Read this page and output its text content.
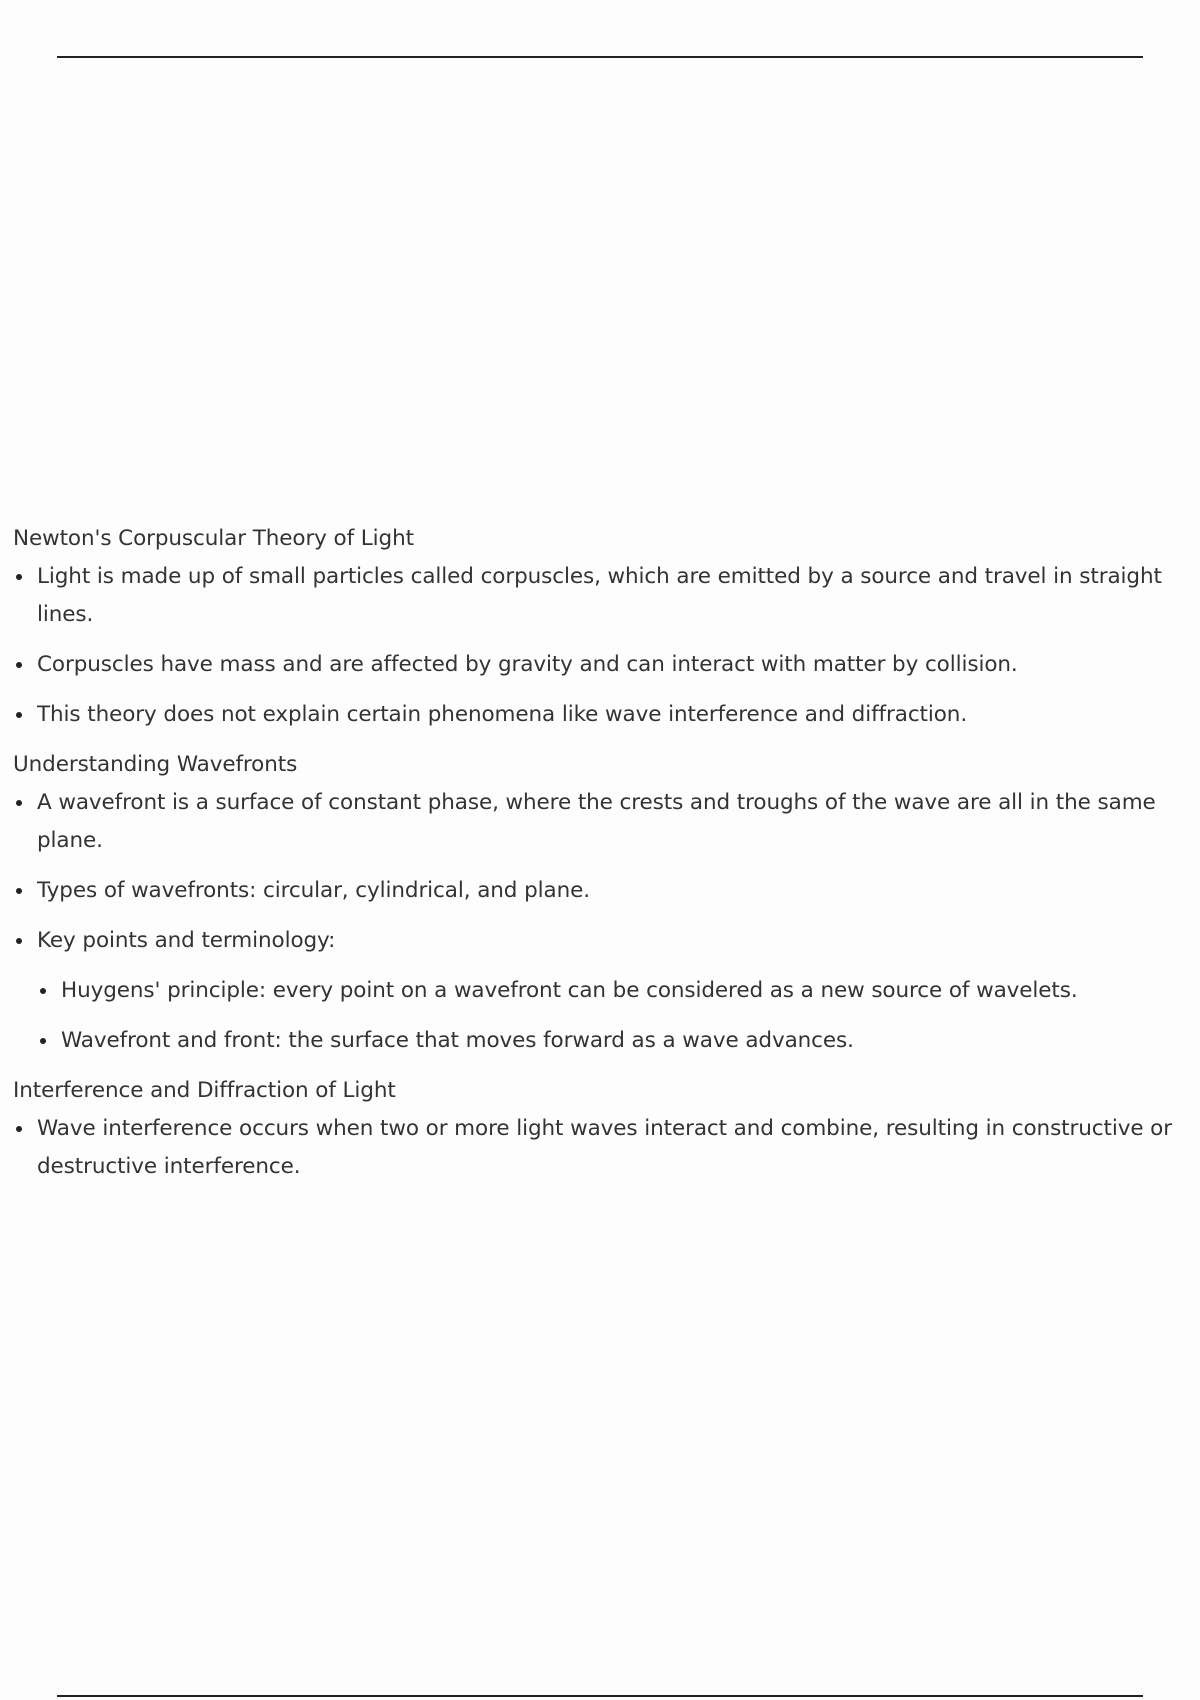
Newton's Corpuscular Theory of Light
Light is made up of small particles called corpuscles, which are emitted by a source and travel in straight lines.
Corpuscles have mass and are affected by gravity and can interact with matter by collision.
This theory does not explain certain phenomena like wave interference and diffraction.
Understanding Wavefronts
A wavefront is a surface of constant phase, where the crests and troughs of the wave are all in the same plane.
Types of wavefronts: circular, cylindrical, and plane.
Key points and terminology:
Huygens' principle: every point on a wavefront can be considered as a new source of wavelets.
Wavefront and front: the surface that moves forward as a wave advances.
Interference and Diffraction of Light
Wave interference occurs when two or more light waves interact and combine, resulting in constructive or destructive interference.
